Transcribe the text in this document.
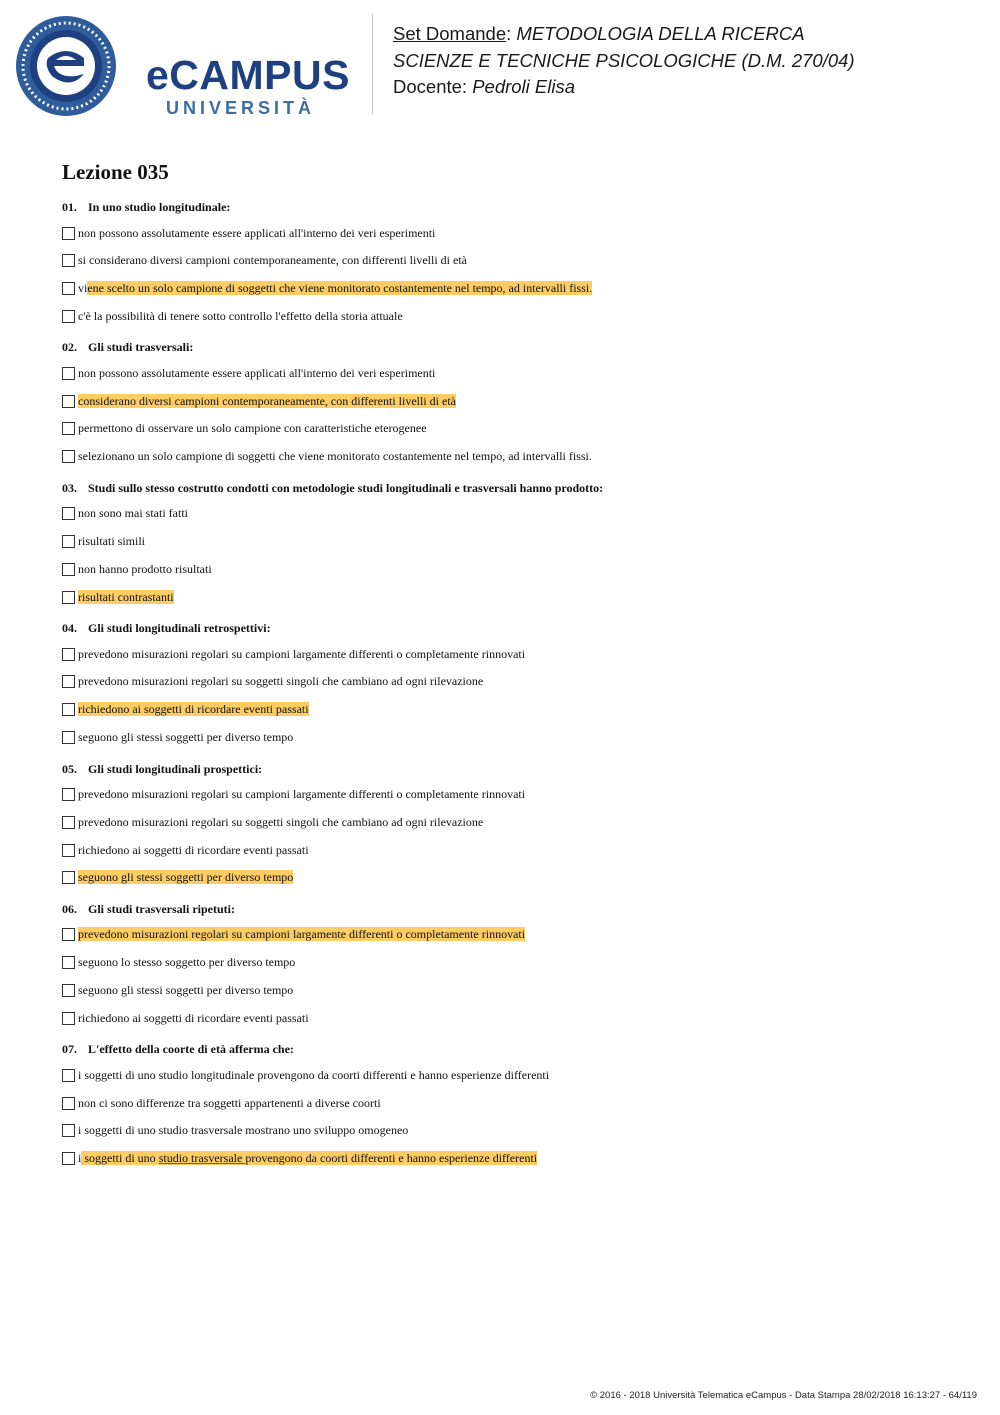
eCAMPUS
UNIVERSITÀ
Set Domande: METODOLOGIA DELLA RICERCA
SCIENZE E TECNICHE PSICOLOGICHE (D.M. 270/04)
Docente: Pedroli Elisa
Lezione 035
01. In uno studio longitudinale:
non possono assolutamente essere applicati all'interno dei veri esperimenti
si considerano diversi campioni contemporaneamente, con differenti livelli di età
viene scelto un solo campione di soggetti che viene monitorato costantemente nel tempo, ad intervalli fissi.
c'è la possibilità di tenere sotto controllo l'effetto della storia attuale
02. Gli studi trasversali:
non possono assolutamente essere applicati all'interno dei veri esperimenti
considerano diversi campioni contemporaneamente, con differenti livelli di età
permettono di osservare un solo campione con caratteristiche eterogenee
selezionano un solo campione di soggetti che viene monitorato costantemente nel tempo, ad intervalli fissi.
03. Studi sullo stesso costrutto condotti con metodologie studi longitudinali e trasversali hanno prodotto:
non sono mai stati fatti
risultati simili
non hanno prodotto risultati
risultati contrastanti
04. Gli studi longitudinali retrospettivi:
prevedono misurazioni regolari su campioni largamente differenti o completamente rinnovati
prevedono misurazioni regolari su soggetti singoli che cambiano ad ogni rilevazione
richiedono ai soggetti di ricordare eventi passati
seguono gli stessi soggetti per diverso tempo
05. Gli studi longitudinali prospettici:
prevedono misurazioni regolari su campioni largamente differenti o completamente rinnovati
prevedono misurazioni regolari su soggetti singoli che cambiano ad ogni rilevazione
richiedono ai soggetti di ricordare eventi passati
seguono gli stessi soggetti per diverso tempo
06. Gli studi trasversali ripetuti:
prevedono misurazioni regolari su campioni largamente differenti o completamente rinnovati
seguono lo stesso soggetto per diverso tempo
seguono gli stessi soggetti per diverso tempo
richiedono ai soggetti di ricordare eventi passati
07. L'effetto della coorte di età afferma che:
i soggetti di uno studio longitudinale provengono da coorti differenti e hanno esperienze differenti
non ci sono differenze tra soggetti appartenenti a diverse coorti
i soggetti di uno studio trasversale mostrano uno sviluppo omogeneo
i soggetti di uno studio trasversale provengono da coorti differenti e hanno esperienze differenti
© 2016 - 2018 Università Telematica eCampus - Data Stampa 28/02/2018 16:13:27 - 64/119
